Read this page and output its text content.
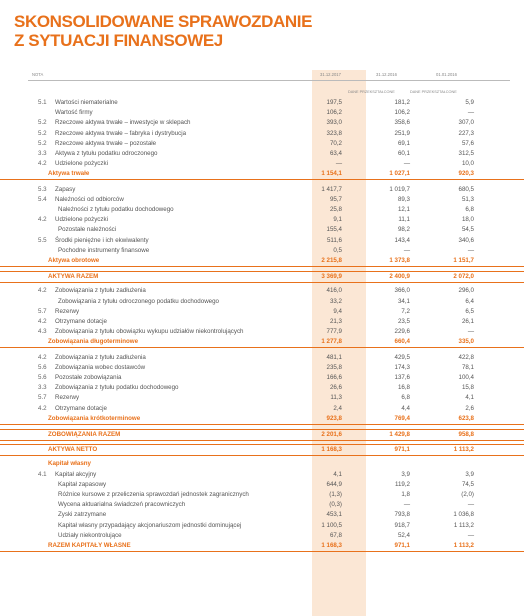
SKONSOLIDOWANE SPRAWOZDANIE
Z SYTUACJI FINANSOWEJ
NOTA	31.12.2017	31.12.2016	01.01.2016
DANE PRZEKSZTAŁCONE	DANE PRZEKSZTAŁCONE
5.1 Wartości niematerialne	197,5	181,2	5,9
Wartość firmy	106,2	106,2	—
5.2 Rzeczowe aktywa trwałe – inwestycje w sklepach	393,0	358,6	307,0
5.2 Rzeczowe aktywa trwałe – fabryka i dystrybucja	323,8	251,9	227,3
5.2 Rzeczowe aktywa trwałe – pozostałe	70,2	69,1	57,6
3.3 Aktywa z tytułu podatku odroczonego	63,4	60,1	312,5
4.2 Udzielone pożyczki	—	—	10,0
Aktywa trwałe	1 154,1	1 027,1	920,3
5.3 Zapasy	1 417,7	1 019,7	680,5
5.4 Należności od odbiorców	95,7	89,3	51,3
Należności z tytułu podatku dochodowego	25,8	12,1	6,8
4.2 Udzielone pożyczki	9,1	11,1	18,0
Pozostałe należności	155,4	98,2	54,5
5.5 Środki pieniężne i ich ekwiwalenty	511,6	143,4	340,6
Pochodne instrumenty finansowe	0,5	—	—
Aktywa obrotowe	2 215,8	1 373,8	1 151,7
AKTYWA RAZEM	3 369,9	2 400,9	2 072,0
4.2 Zobowiązania z tytułu zadłużenia	416,0	366,0	296,0
Zobowiązania z tytułu odroczonego podatku dochodowego	33,2	34,1	6,4
5.7 Rezerwy	9,4	7,2	6,5
4.2 Otrzymane dotacje	21,3	23,5	26,1
4.3 Zobowiązania z tytułu obowiązku wykupu udziałów niekontrolujących	777,9	229,6	—
Zobowiązania długoterminowe	1 277,8	660,4	335,0
4.2 Zobowiązania z tytułu zadłużenia	481,1	429,5	422,8
5.6 Zobowiązania wobec dostawców	235,8	174,3	78,1
5.6 Pozostałe zobowiązania	166,6	137,6	100,4
3.3 Zobowiązania z tytułu podatku dochodowego	26,6	16,8	15,8
5.7 Rezerwy	11,3	6,8	4,1
4.2 Otrzymane dotacje	2,4	4,4	2,6
Zobowiązania krótkoterminowe	923,8	769,4	623,8
ZOBOWIĄZANIA RAZEM	2 201,6	1 429,8	958,8
AKTYWA NETTO	1 168,3	971,1	1 113,2
Kapitał własny
4.1 Kapitał akcyjny	4,1	3,9	3,9
Kapitał zapasowy	644,9	119,2	74,5
Różnice kursowe z przeliczenia sprawozdań jednostek zagranicznych	(1,3)	1,8	(2,0)
Wycena aktuarialna świadczeń pracowniczych	(0,3)	—	—
Zyski zatrzymane	453,1	793,8	1 036,8
Kapitał własny przypadający akcjonariuszom jednostki dominującej	1 100,5	918,7	1 113,2
Udziały niekontrolujące	67,8	52,4	—
RAZEM KAPITAŁY WŁASNE	1 168,3	971,1	1 113,2
